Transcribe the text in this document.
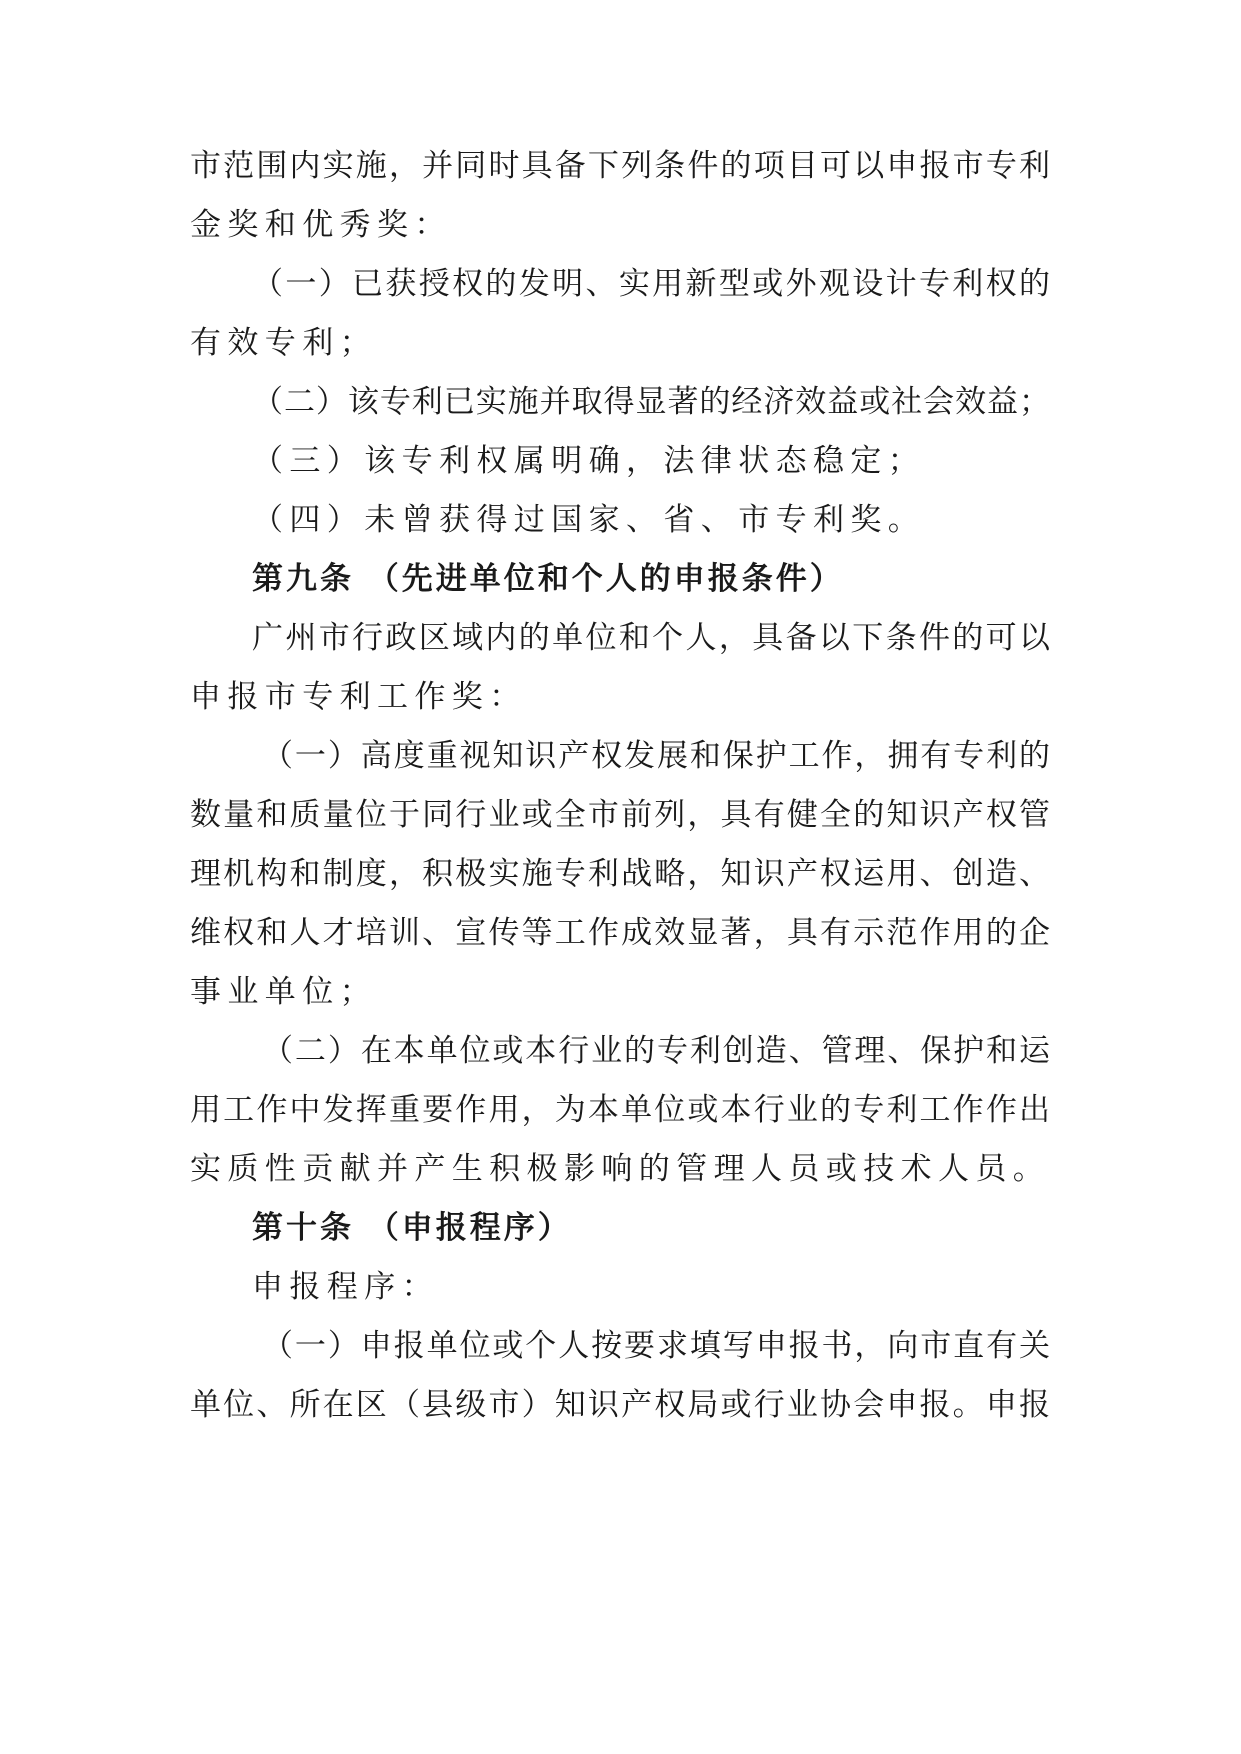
市范围内实施，并同时具备下列条件的项目可以申报市专利
金奖和优秀奖：
（一）已获授权的发明、实用新型或外观设计专利权的
有效专利；
（二）该专利已实施并取得显著的经济效益或社会效益；
（三）该专利权属明确，法律状态稳定；
（四）未曾获得过国家、省、市专利奖。
第九条 （先进单位和个人的申报条件）
广州市行政区域内的单位和个人，具备以下条件的可以
申报市专利工作奖：
（一）高度重视知识产权发展和保护工作，拥有专利的
数量和质量位于同行业或全市前列，具有健全的知识产权管
理机构和制度，积极实施专利战略，知识产权运用、创造、
维权和人才培训、宣传等工作成效显著，具有示范作用的企
事业单位；
（二）在本单位或本行业的专利创造、管理、保护和运
用工作中发挥重要作用，为本单位或本行业的专利工作作出
实质性贡献并产生积极影响的管理人员或技术人员。
第十条 （申报程序）
申报程序：
（一）申报单位或个人按要求填写申报书，向市直有关
单位、所在区（县级市）知识产权局或行业协会申报。申报
